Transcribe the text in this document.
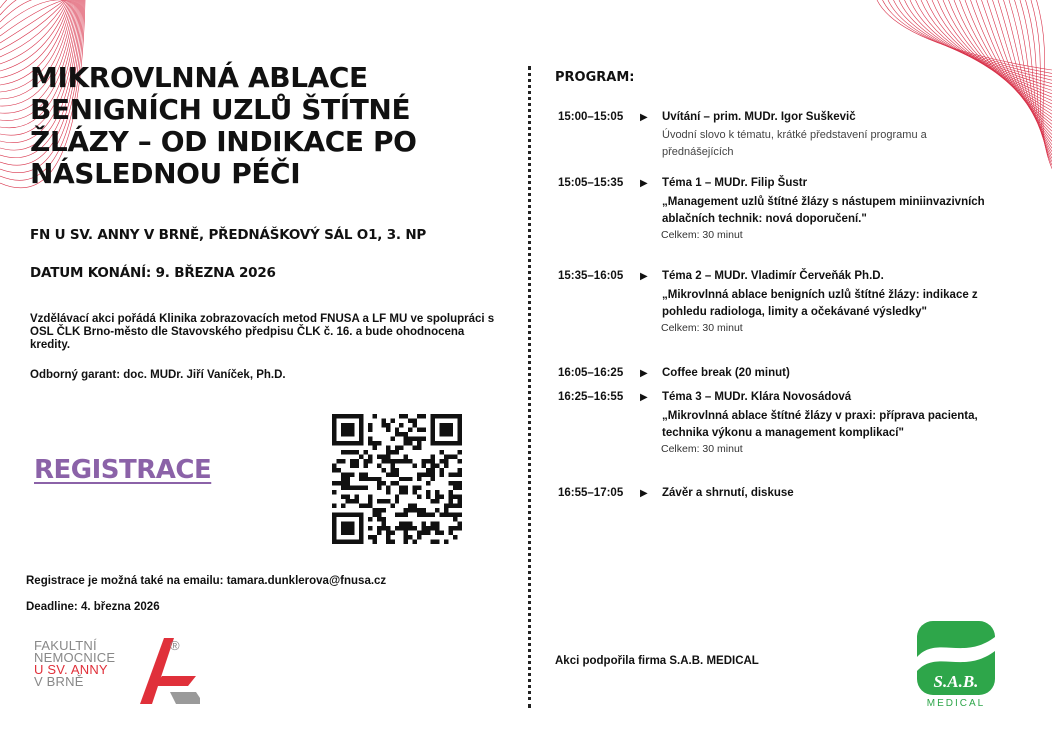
MIKROVLNNÁ ABLACE BENIGNÍCH UZLŮ ŠTÍTNÉ ŽLÁZY – OD INDIKACE PO NÁSLEDNOU PÉČI
FN U SV. ANNY V BRNĚ, PŘEDNÁŠKOVÝ SÁL O1, 3. NP
DATUM KONÁNÍ: 9. BŘEZNA 2026
Vzdělávací akci pořádá Klinika zobrazovacích metod FNUSA a LF MU ve spolupráci s OSL ČLK Brno-město dle Stavovského předpisu ČLK č. 16. a bude ohodnocena kredity.
Odborný garant: doc. MUDr. Jiří Vaníček, Ph.D.
REGISTRACE
Registrace je možná také na emailu: tamara.dunklerova@fnusa.cz
Deadline: 4. března 2026
FAKULTNÍ
NEMOCNICE
U SV. ANNY
V BRNĚ
®
PROGRAM:
15:00–15:05 ▶ Uvítání – prim. MUDr. Igor Suškevič
Úvodní slovo k tématu, krátké představení programu a přednášejících
15:05–15:35 ▶ Téma 1 – MUDr. Filip Šustr
„Management uzlů štítné žlázy s nástupem miniinvazivních ablačních technik: nová doporučení."
Celkem: 30 minut
15:35–16:05 ▶ Téma 2 – MUDr. Vladimír Červeňák Ph.D.
„Mikrovlnná ablace benigních uzlů štítné žlázy: indikace z pohledu radiologa, limity a očekávané výsledky"
Celkem: 30 minut
16:05–16:25 ▶ Coffee break (20 minut)
16:25–16:55 ▶ Téma 3 – MUDr. Klára Novosádová
„Mikrovlnná ablace štítné žlázy v praxi: příprava pacienta, technika výkonu a management komplikací"
Celkem: 30 minut
16:55–17:05 ▶ Závěr a shrnutí, diskuse
Akci podpořila firma S.A.B. MEDICAL
S.A.B.
MEDICAL
